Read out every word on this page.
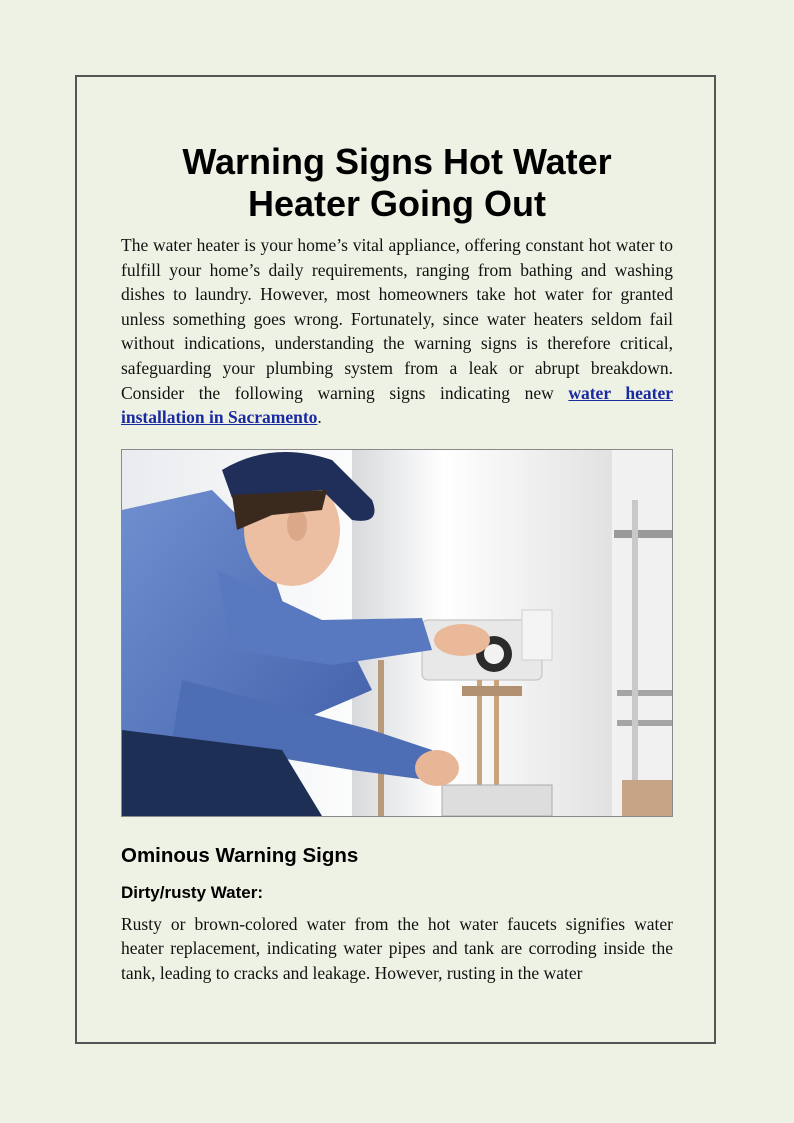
Warning Signs Hot Water
Heater Going Out

The water heater is your home’s vital appliance, offering constant hot water to fulfill your home’s daily requirements, ranging from bathing and washing dishes to laundry. However, most homeowners take hot water for granted unless something goes wrong. Fortunately, since water heaters seldom fail without indications, understanding the warning signs is therefore critical, safeguarding your plumbing system from a leak or abrupt breakdown. Consider the following warning signs indicating new water heater installation in Sacramento.

Ominous Warning Signs
Dirty/rusty Water:

Rusty or brown-colored water from the hot water faucets signifies water heater replacement, indicating water pipes and tank are corroding inside the tank, leading to cracks and leakage. However, rusting in the water
